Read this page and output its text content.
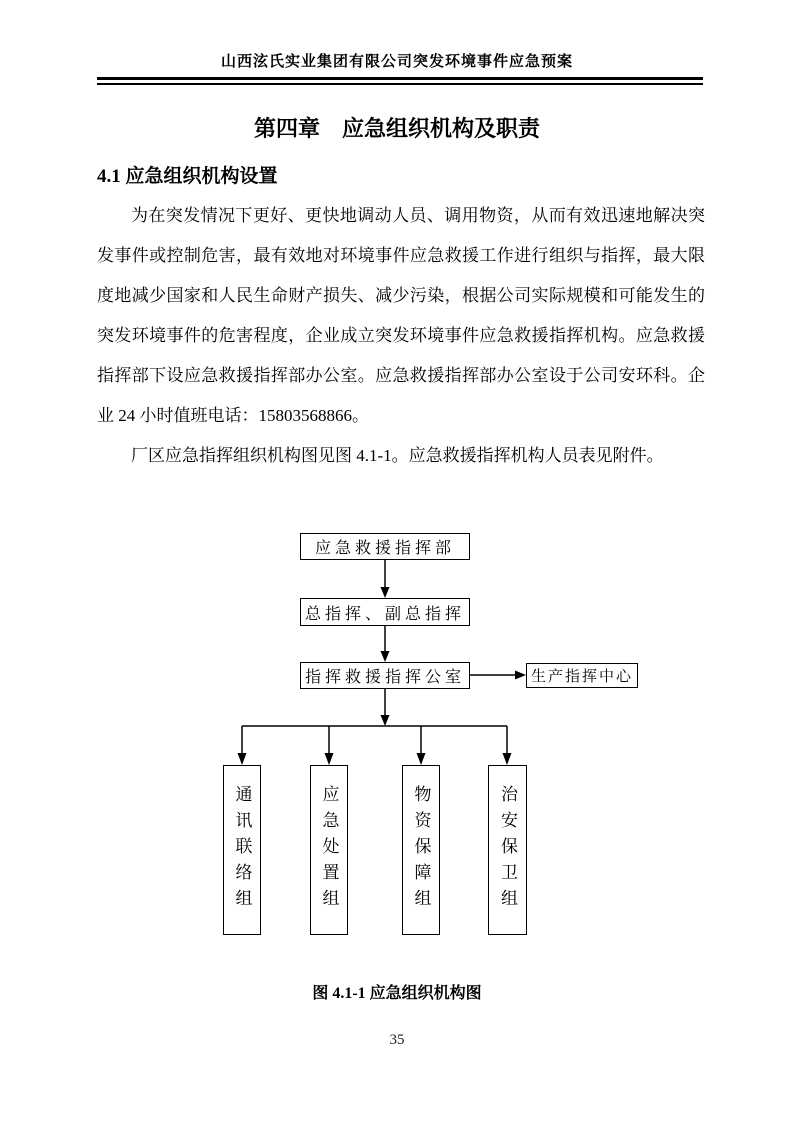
山西泫氏实业集团有限公司突发环境事件应急预案
第四章　应急组织机构及职责
4.1 应急组织机构设置

为在突发情况下更好、更快地调动人员、调用物资，从而有效迅速地解决突发事件或控制危害，最有效地对环境事件应急救援工作进行组织与指挥，最大限度地减少国家和人民生命财产损失、减少污染，根据公司实际规模和可能发生的突发环境事件的危害程度，企业成立突发环境事件应急救援指挥机构。应急救援指挥部下设应急救援指挥部办公室。应急救援指挥部办公室设于公司安环科。企业 24 小时值班电话：15803568866。

厂区应急指挥组织机构图见图 4.1-1。应急救援指挥机构人员表见附件。

应急救援指挥部
总指挥、副总指挥
指挥救援指挥公室	生产指挥中心
通讯联络组	应急处置组	物资保障组	治安保卫组
图 4.1-1 应急组织机构图
35
